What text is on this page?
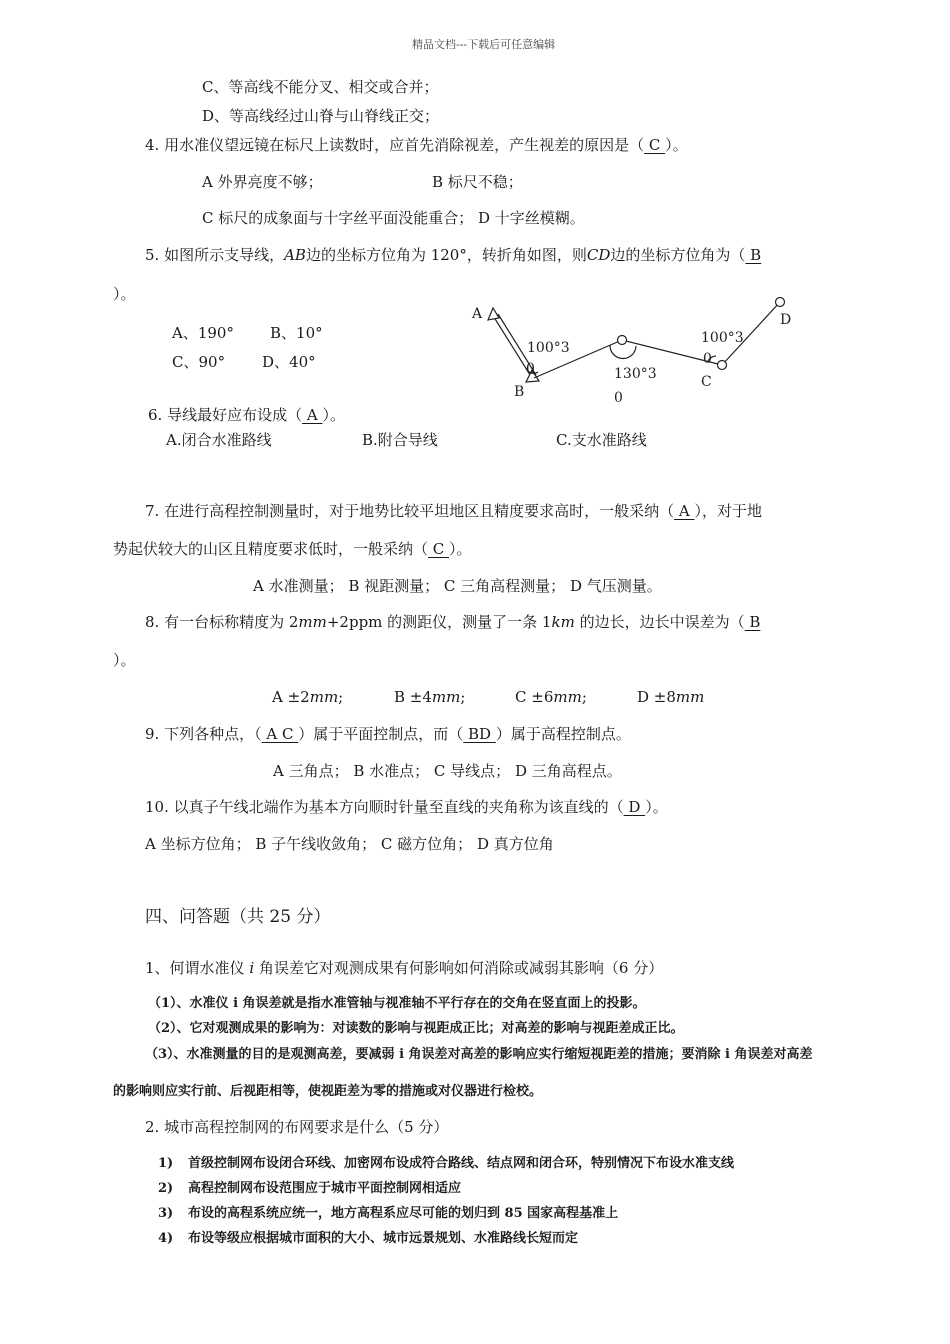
精品文档---下载后可任意编辑
C、等高线不能分叉、相交或合并；
D、等高线经过山脊与山脊线正交；
4. 用水准仪望远镜在标尺上读数时，应首先消除视差，产生视差的原因是（ C ）。
A 外界亮度不够；	B 标尺不稳；
C 标尺的成象面与十字丝平面没能重合； D 十字丝模糊。
5. 如图所示支导线，AB边的坐标方位角为 120°，转折角如图，则CD边的坐标方位角为（ B
）。
A、190° B、10°
C、90° D、40°
A
B
C
D
100°3
0	130°3
0
100°3
0
6. 导线最好应布设成（ A ）。
A.闭合水准路线	B.附合导线	C.支水准路线
7. 在进行高程控制测量时，对于地势比较平坦地区且精度要求高时，一般采纳（ A ），对于地
势起伏较大的山区且精度要求低时，一般采纳（ C ）。
A 水准测量； B 视距测量； C 三角高程测量； D 气压测量。
8. 有一台标称精度为 2mm+2ppm 的测距仪，测量了一条 1km 的边长，边长中误差为（ B
）。
A ±2mm;	B ±4mm;	C ±6mm;	D ±8mm
9. 下列各种点，（ A C ）属于平面控制点，而（ BD ）属于高程控制点。
A 三角点； B 水准点； C 导线点； D 三角高程点。
10. 以真子午线北端作为基本方向顺时针量至直线的夹角称为该直线的（ D ）。
A 坐标方位角； B 子午线收敛角； C 磁方位角； D 真方位角
四、问答题（共 25 分）
1、何谓水准仪 i 角误差它对观测成果有何影响如何消除或减弱其影响（6 分）
（1）、水准仪 i 角误差就是指水准管轴与视准轴不平行存在的交角在竖直面上的投影。
（2）、它对观测成果的影响为：对读数的影响与视距成正比；对高差的影响与视距差成正比。
（3）、水准测量的目的是观测高差，要减弱 i 角误差对高差的影响应实行缩短视距差的措施；要消除 i 角误差对高差
的影响则应实行前、后视距相等，使视距差为零的措施或对仪器进行检校。
2. 城市高程控制网的布网要求是什么（5 分）
1) 首级控制网布设闭合环线、加密网布设成符合路线、结点网和闭合环，特别情况下布设水准支线
2) 高程控制网布设范围应于城市平面控制网相适应
3) 布设的高程系统应统一，地方高程系应尽可能的划归到 85 国家高程基准上
4) 布设等级应根据城市面积的大小、城市远景规划、水准路线长短而定
